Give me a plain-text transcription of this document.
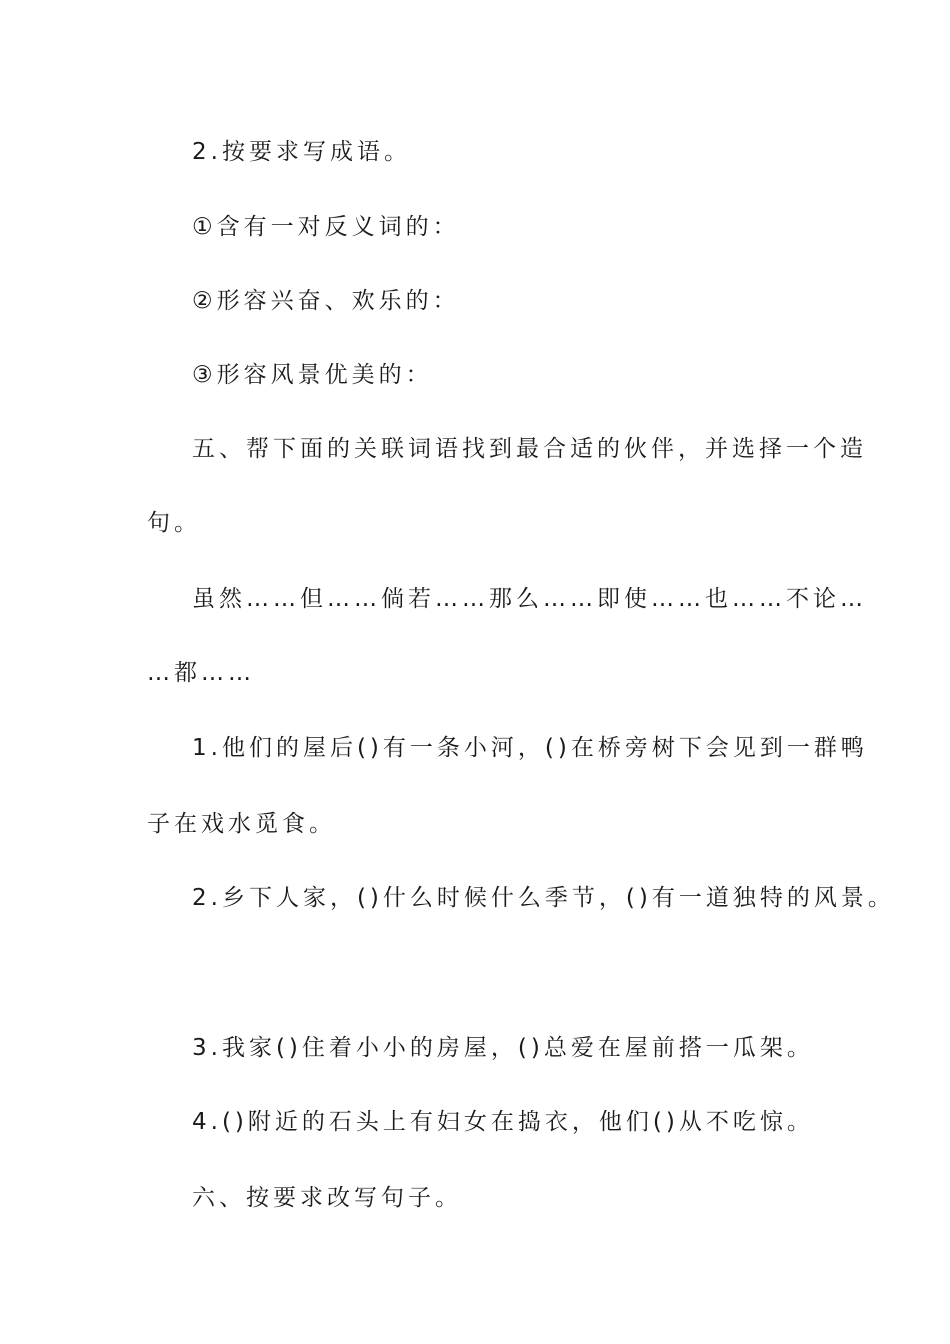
2.按要求写成语。
①含有一对反义词的：
②形容兴奋、欢乐的：
③形容风景优美的：
五、帮下面的关联词语找到最合适的伙伴，并选择一个造
句。
虽然……但……倘若……那么……即使……也……不论…
…都……
1.他们的屋后()有一条小河，()在桥旁树下会见到一群鸭
子在戏水觅食。
2.乡下人家，()什么时候什么季节，()有一道独特的风景。
3.我家()住着小小的房屋，()总爱在屋前搭一瓜架。
4.()附近的石头上有妇女在捣衣，他们()从不吃惊。
六、按要求改写句子。
